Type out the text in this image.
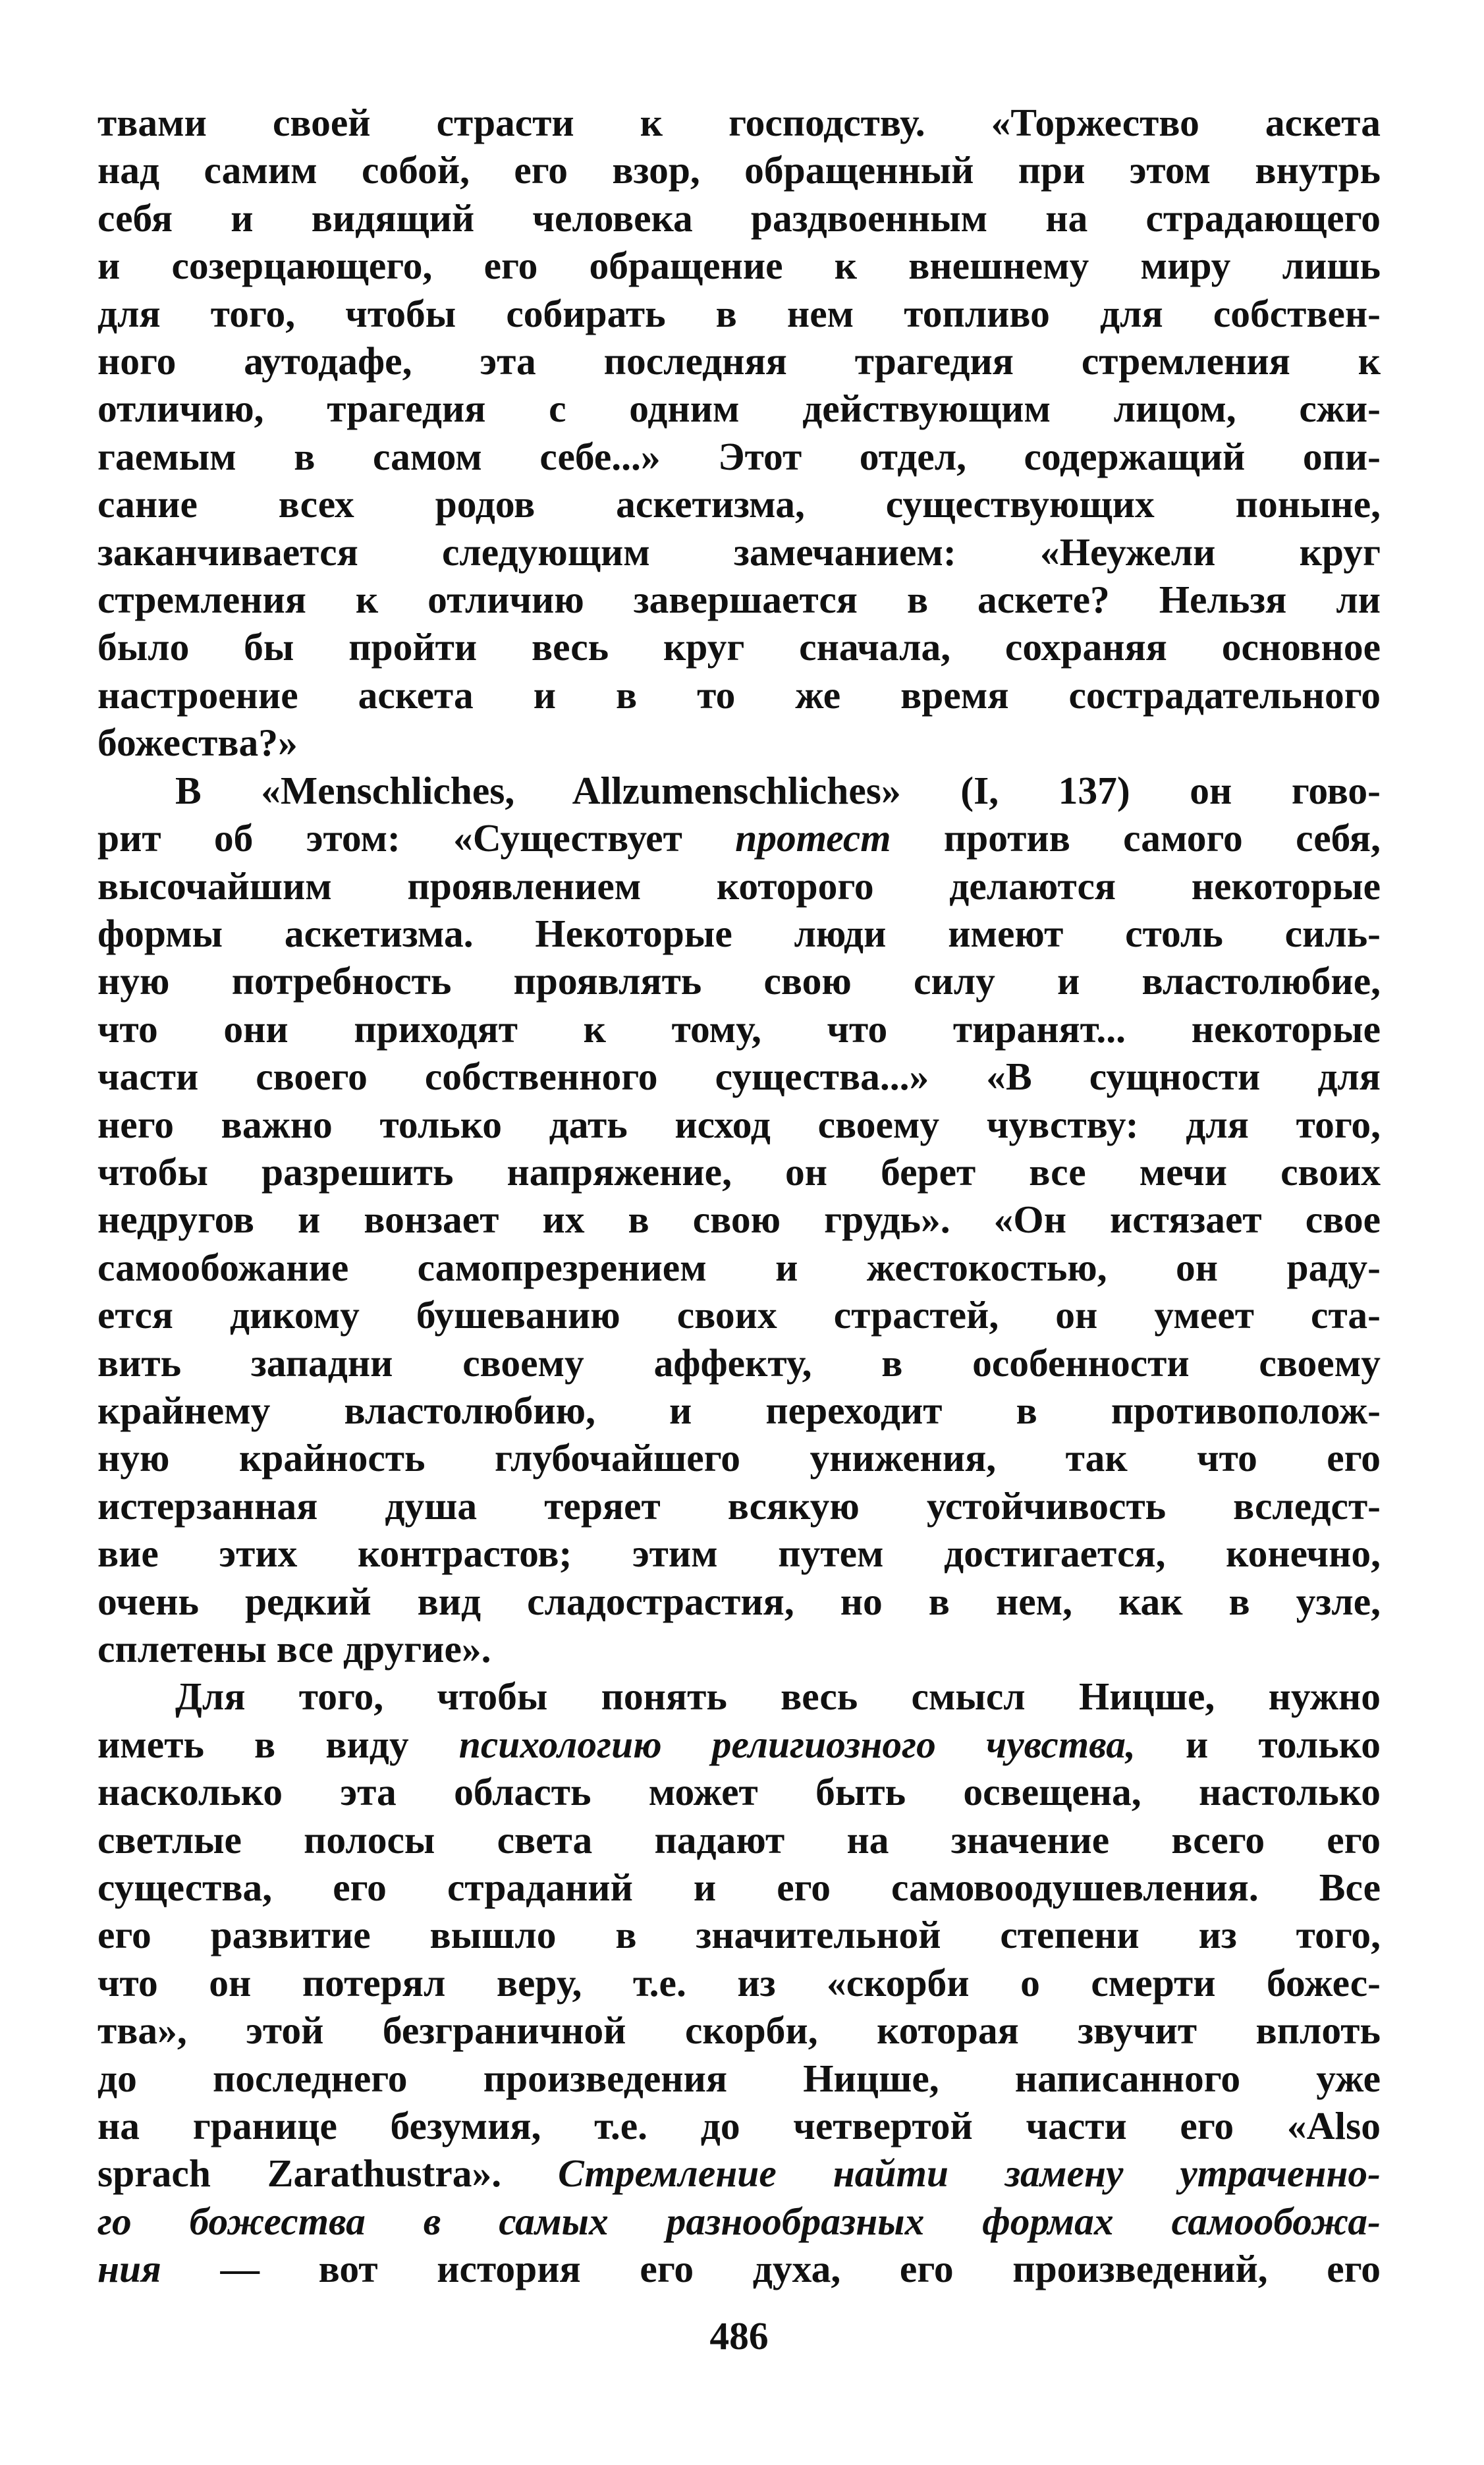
твами своей страсти к господству. «Торжество аскета
над самим собой, его взор, обращенный при этом внутрь
себя и видящий человека раздвоенным на страдающего
и созерцающего, его обращение к внешнему миру лишь
для того, чтобы собирать в нем топливо для собствен-
ного аутодафе, эта последняя трагедия стремления к
отличию, трагедия с одним действующим лицом, сжи-
гаемым в самом себе...» Этот отдел, содержащий опи-
сание всех родов аскетизма, существующих поныне,
заканчивается следующим замечанием: «Неужели круг
стремления к отличию завершается в аскете? Нельзя ли
было бы пройти весь круг сначала, сохраняя основное
настроение аскета и в то же время сострадательного
божества?»
В «Menschliches, Allzumenschliches» (I, 137) он гово-
рит об этом: «Существует протест против самого себя,
высочайшим проявлением которого делаются некоторые
формы аскетизма. Некоторые люди имеют столь силь-
ную потребность проявлять свою силу и властолюбие,
что они приходят к тому, что тиранят... некоторые
части своего собственного существа...» «В сущности для
него важно только дать исход своему чувству: для того,
чтобы разрешить напряжение, он берет все мечи своих
недругов и вонзает их в свою грудь». «Он истязает свое
самообожание самопрезрением и жестокостью, он раду-
ется дикому бушеванию своих страстей, он умеет ста-
вить западни своему аффекту, в особенности своему
крайнему властолюбию, и переходит в противополож-
ную крайность глубочайшего унижения, так что его
истерзанная душа теряет всякую устойчивость вследст-
вие этих контрастов; этим путем достигается, конечно,
очень редкий вид сладострастия, но в нем, как в узле,
сплетены все другие».
Для того, чтобы понять весь смысл Ницше, нужно
иметь в виду психологию религиозного чувства, и только
насколько эта область может быть освещена, настолько
светлые полосы света падают на значение всего его
существа, его страданий и его самовоодушевления. Все
его развитие вышло в значительной степени из того,
что он потерял веру, т.е. из «скорби о смерти божес-
тва», этой безграничной скорби, которая звучит вплоть
до последнего произведения Ницше, написанного уже
на границе безумия, т.е. до четвертой части его «Also
sprach Zarathustra». Стремление найти замену утраченно-
го божества в самых разнообразных формах самообожа-
ния — вот история его духа, его произведений, его
486
